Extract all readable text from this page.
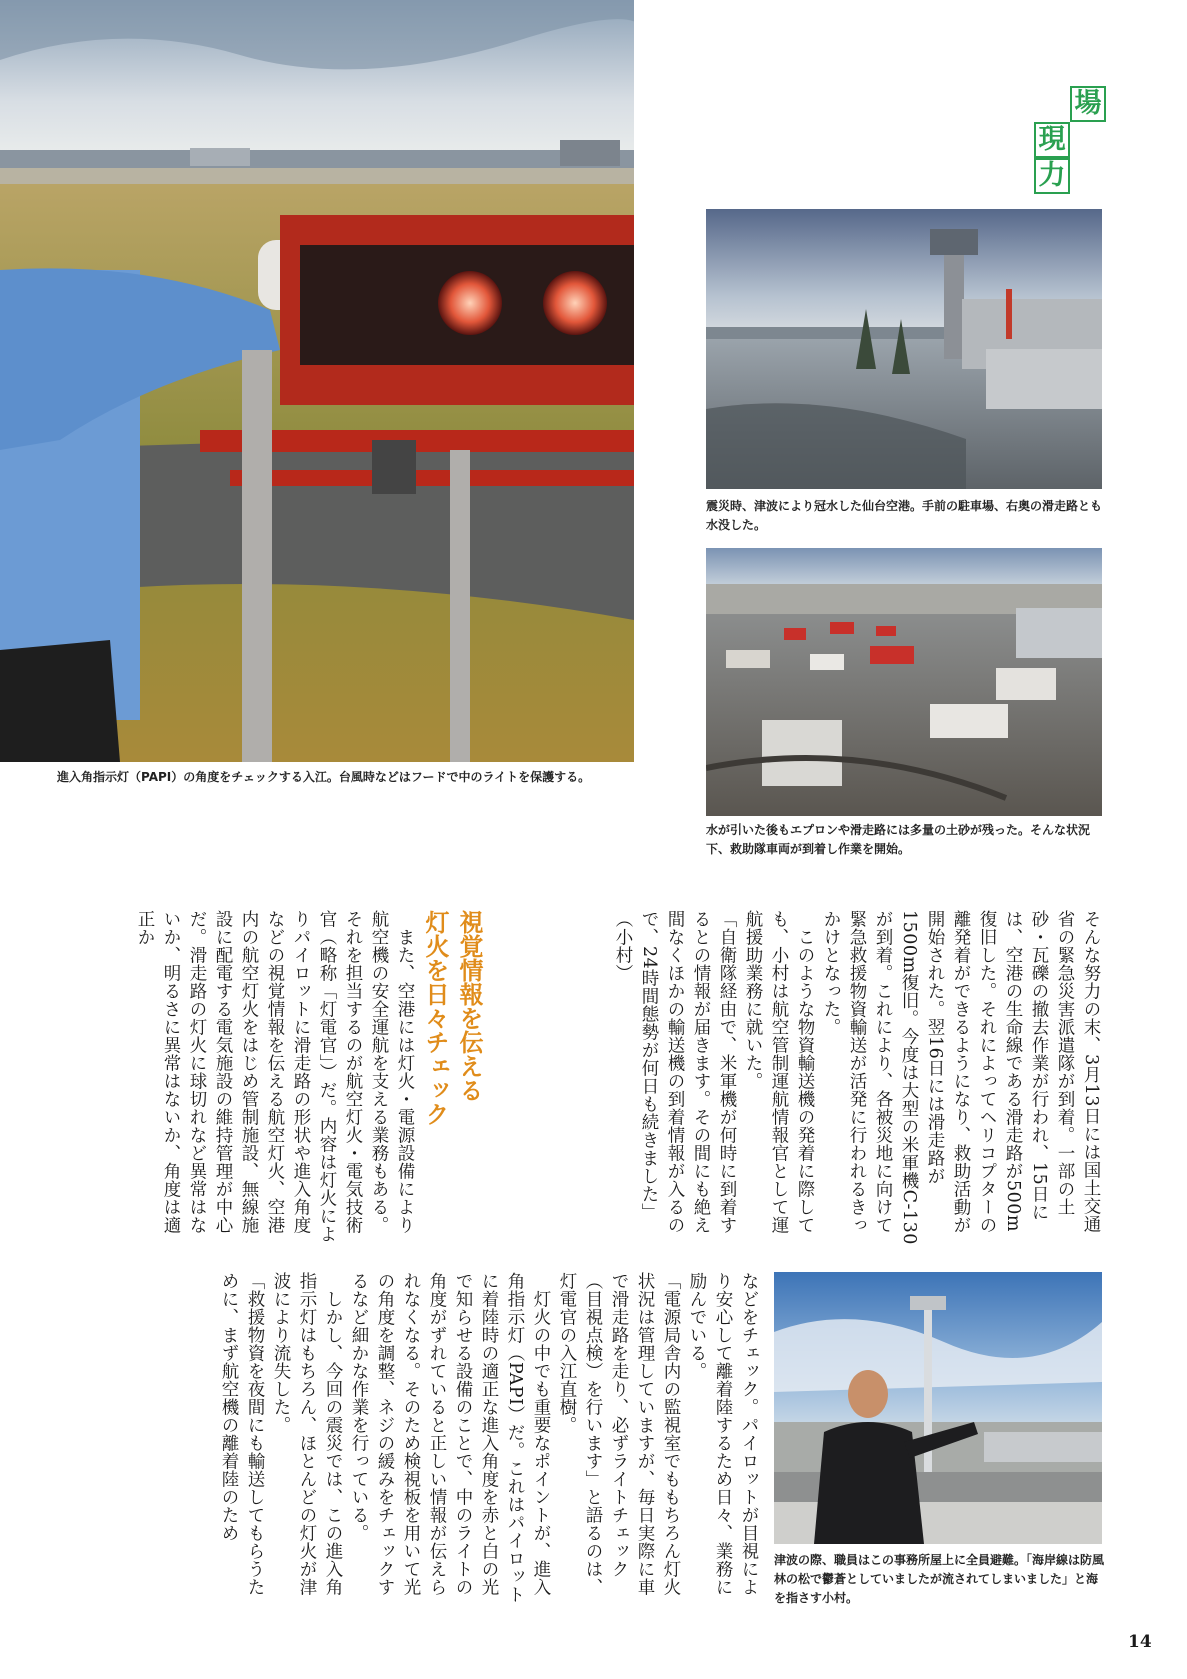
進入角指示灯（PAPI）の角度をチェックする入江。台風時などはフードで中のライトを保護する。
現
場
力
震災時、津波により冠水した仙台空港。手前の駐車場、右奥の滑走路とも水没した。
水が引いた後もエプロンや滑走路には多量の土砂が残った。そんな状況下、救助隊車両が到着し作業を開始。
津波の際、職員はこの事務所屋上に全員避難。「海岸線は防風林の松で鬱蒼としていましたが流されてしまいました」と海を指さす小村。
そんな努力の末、3月13日には国土交通省の緊急災害派遣隊が到着。一部の土砂・瓦礫の撤去作業が行われ、15日には、空港の生命線である滑走路が500m復旧した。それによってヘリコプターの離発着ができるようになり、救助活動が開始された。翌16日には滑走路が1500m復旧。今度は大型の米軍機C-130が到着。これにより、各被災地に向けて緊急救援物資輸送が活発に行われるきっかけとなった。
　このような物資輸送機の発着に際しても、小村は航空管制運航情報官として運航援助業務に就いた。
「自衛隊経由で、米軍機が何時に到着するとの情報が届きます。その間にも絶え間なくほかの輸送機の到着情報が入るので、24時間態勢が何日も続きました」（小村）
視覚情報を伝える
灯火を日々チェック
　また、空港には灯火・電源設備により航空機の安全運航を支える業務もある。それを担当するのが航空灯火・電気技術官（略称「灯電官」）だ。内容は灯火によりパイロットに滑走路の形状や進入角度などの視覚情報を伝える航空灯火、空港内の航空灯火をはじめ管制施設、無線施設に配電する電気施設の維持管理が中心だ。滑走路の灯火に球切れなど異常はないか、明るさに異常はないか、角度は適正か
などをチェック。パイロットが目視により安心して離着陸するため日々、業務に励んでいる。
「電源局舎内の監視室でももちろん灯火状況は管理していますが、毎日実際に車で滑走路を走り、必ずライトチェック（目視点検）を行います」と語るのは、灯電官の入江直樹。
　灯火の中でも重要なポイントが、進入角指示灯（PAPI）だ。これはパイロットに着陸時の適正な進入角度を赤と白の光で知らせる設備のことで、中のライトの角度がずれていると正しい情報が伝えられなくなる。そのため検視板を用いて光の角度を調整、ネジの緩みをチェックするなど細かな作業を行っている。
　しかし、今回の震災では、この進入角指示灯はもちろん、ほとんどの灯火が津波により流失した。
「救援物資を夜間にも輸送してもらうために、まず航空機の離着陸のため
14
